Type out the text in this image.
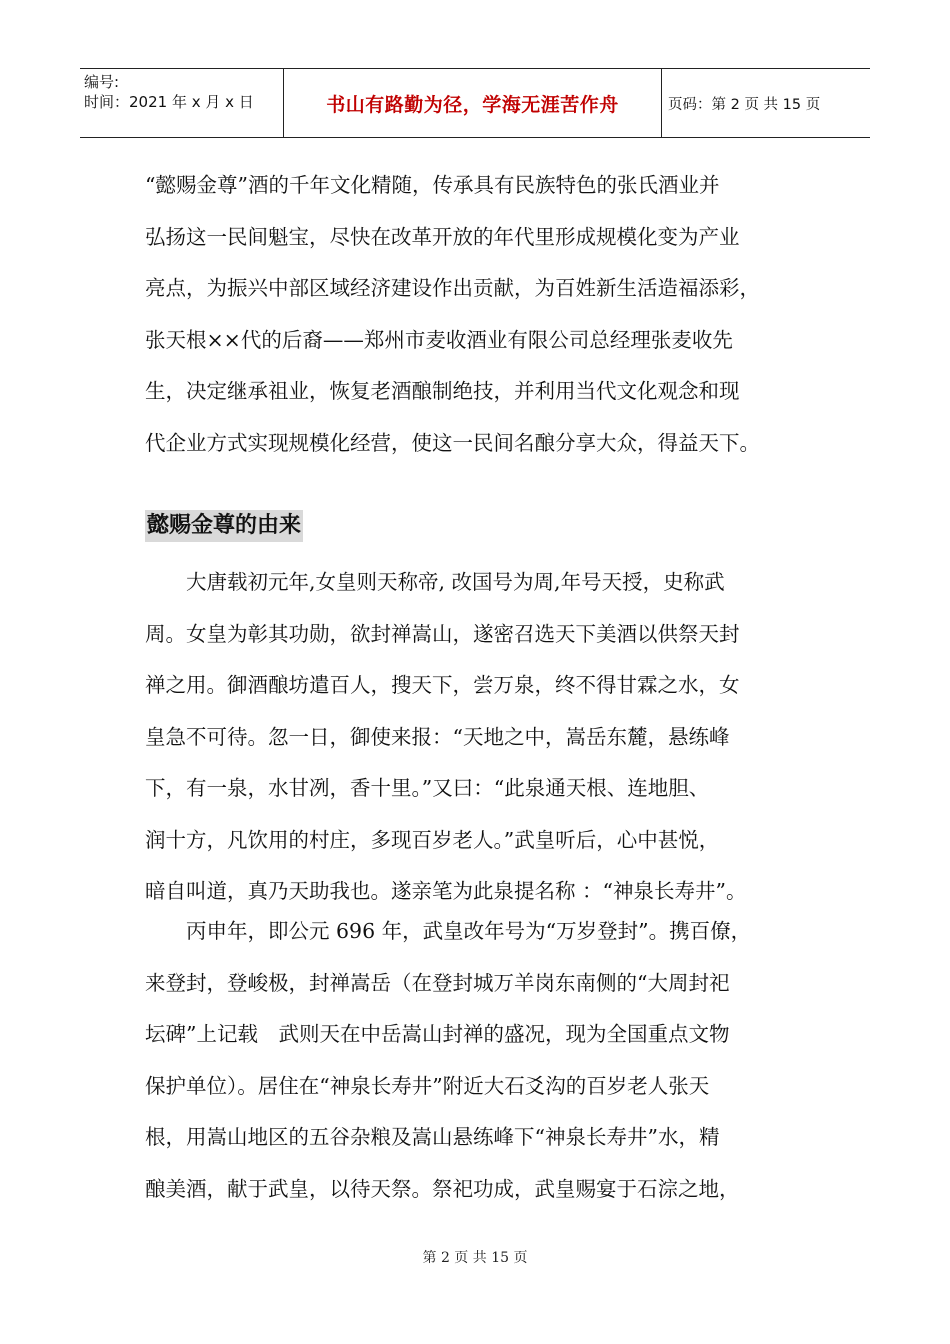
编号:
时间：2021 年 x 月 x 日	书山有路勤为径，学海无涯苦作舟	页码：第 2 页 共 15 页
“懿赐金尊”酒的千年文化精随，传承具有民族特色的张氏酒业并
弘扬这一民间魁宝，尽快在改革开放的年代里形成规模化变为产业
亮点，为振兴中部区域经济建设作出贡献，为百姓新生活造福添彩，
张天根××代的后裔——郑州市麦收酒业有限公司总经理张麦收先
生，决定继承祖业，恢复老酒酿制绝技，并利用当代文化观念和现
代企业方式实现规模化经营，使这一民间名酿分享大众，得益天下。
懿赐金尊的由来
　　大唐载初元年,女皇则天称帝, 改国号为周,年号天授，史称武
周。女皇为彰其功勋，欲封禅嵩山，遂密召选天下美酒以供祭天封
禅之用。御酒酿坊遣百人，搜天下，尝万泉，终不得甘霖之水，女
皇急不可待。忽一日，御使来报：“天地之中，嵩岳东麓，悬练峰
下，有一泉，水甘冽，香十里。”又曰：“此泉通天根、连地胆、
润十方，凡饮用的村庄，多现百岁老人。”武皇听后，心中甚悦，
暗自叫道，真乃天助我也。遂亲笔为此泉提名称 ：“神泉长寿井”。
　　丙申年，即公元 696 年，武皇改年号为“万岁登封”。携百僚，
来登封，登峻极，封禅嵩岳（在登封城万羊岗东南侧的“大周封祀
坛碑”上记载　武则天在中岳嵩山封禅的盛况，现为全国重点文物
保护单位）。居住在“神泉长寿井”附近大石爻沟的百岁老人张天
根，用嵩山地区的五谷杂粮及嵩山悬练峰下“神泉长寿井”水，精
酿美酒，献于武皇，以待天祭。祭祀功成，武皇赐宴于石淙之地，
第 2 页 共 15 页
